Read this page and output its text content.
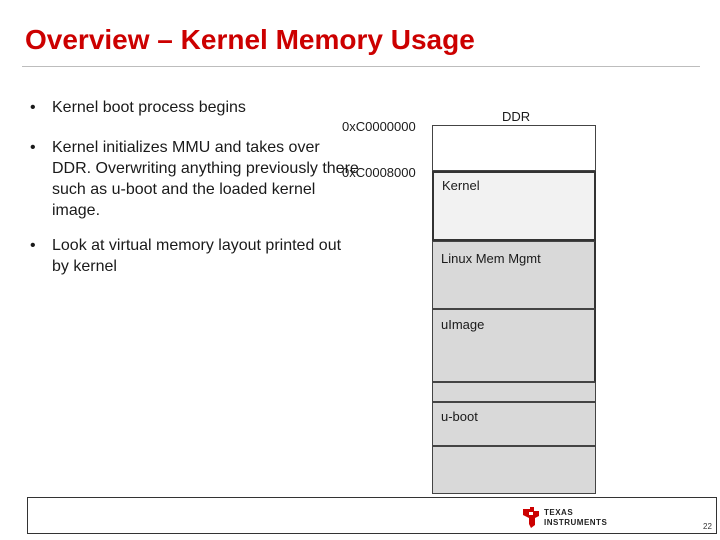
Overview – Kernel Memory Usage
• Kernel boot process begins
• Kernel initializes MMU and takes over DDR. Overwriting anything previously there such as u-boot and the loaded kernel image.
• Look at virtual memory layout printed out by kernel
0xC0000000
0xC0008000
DDR
Kernel
Linux Mem Mgmt
uImage
u-boot
TEXAS
INSTRUMENTS	22
